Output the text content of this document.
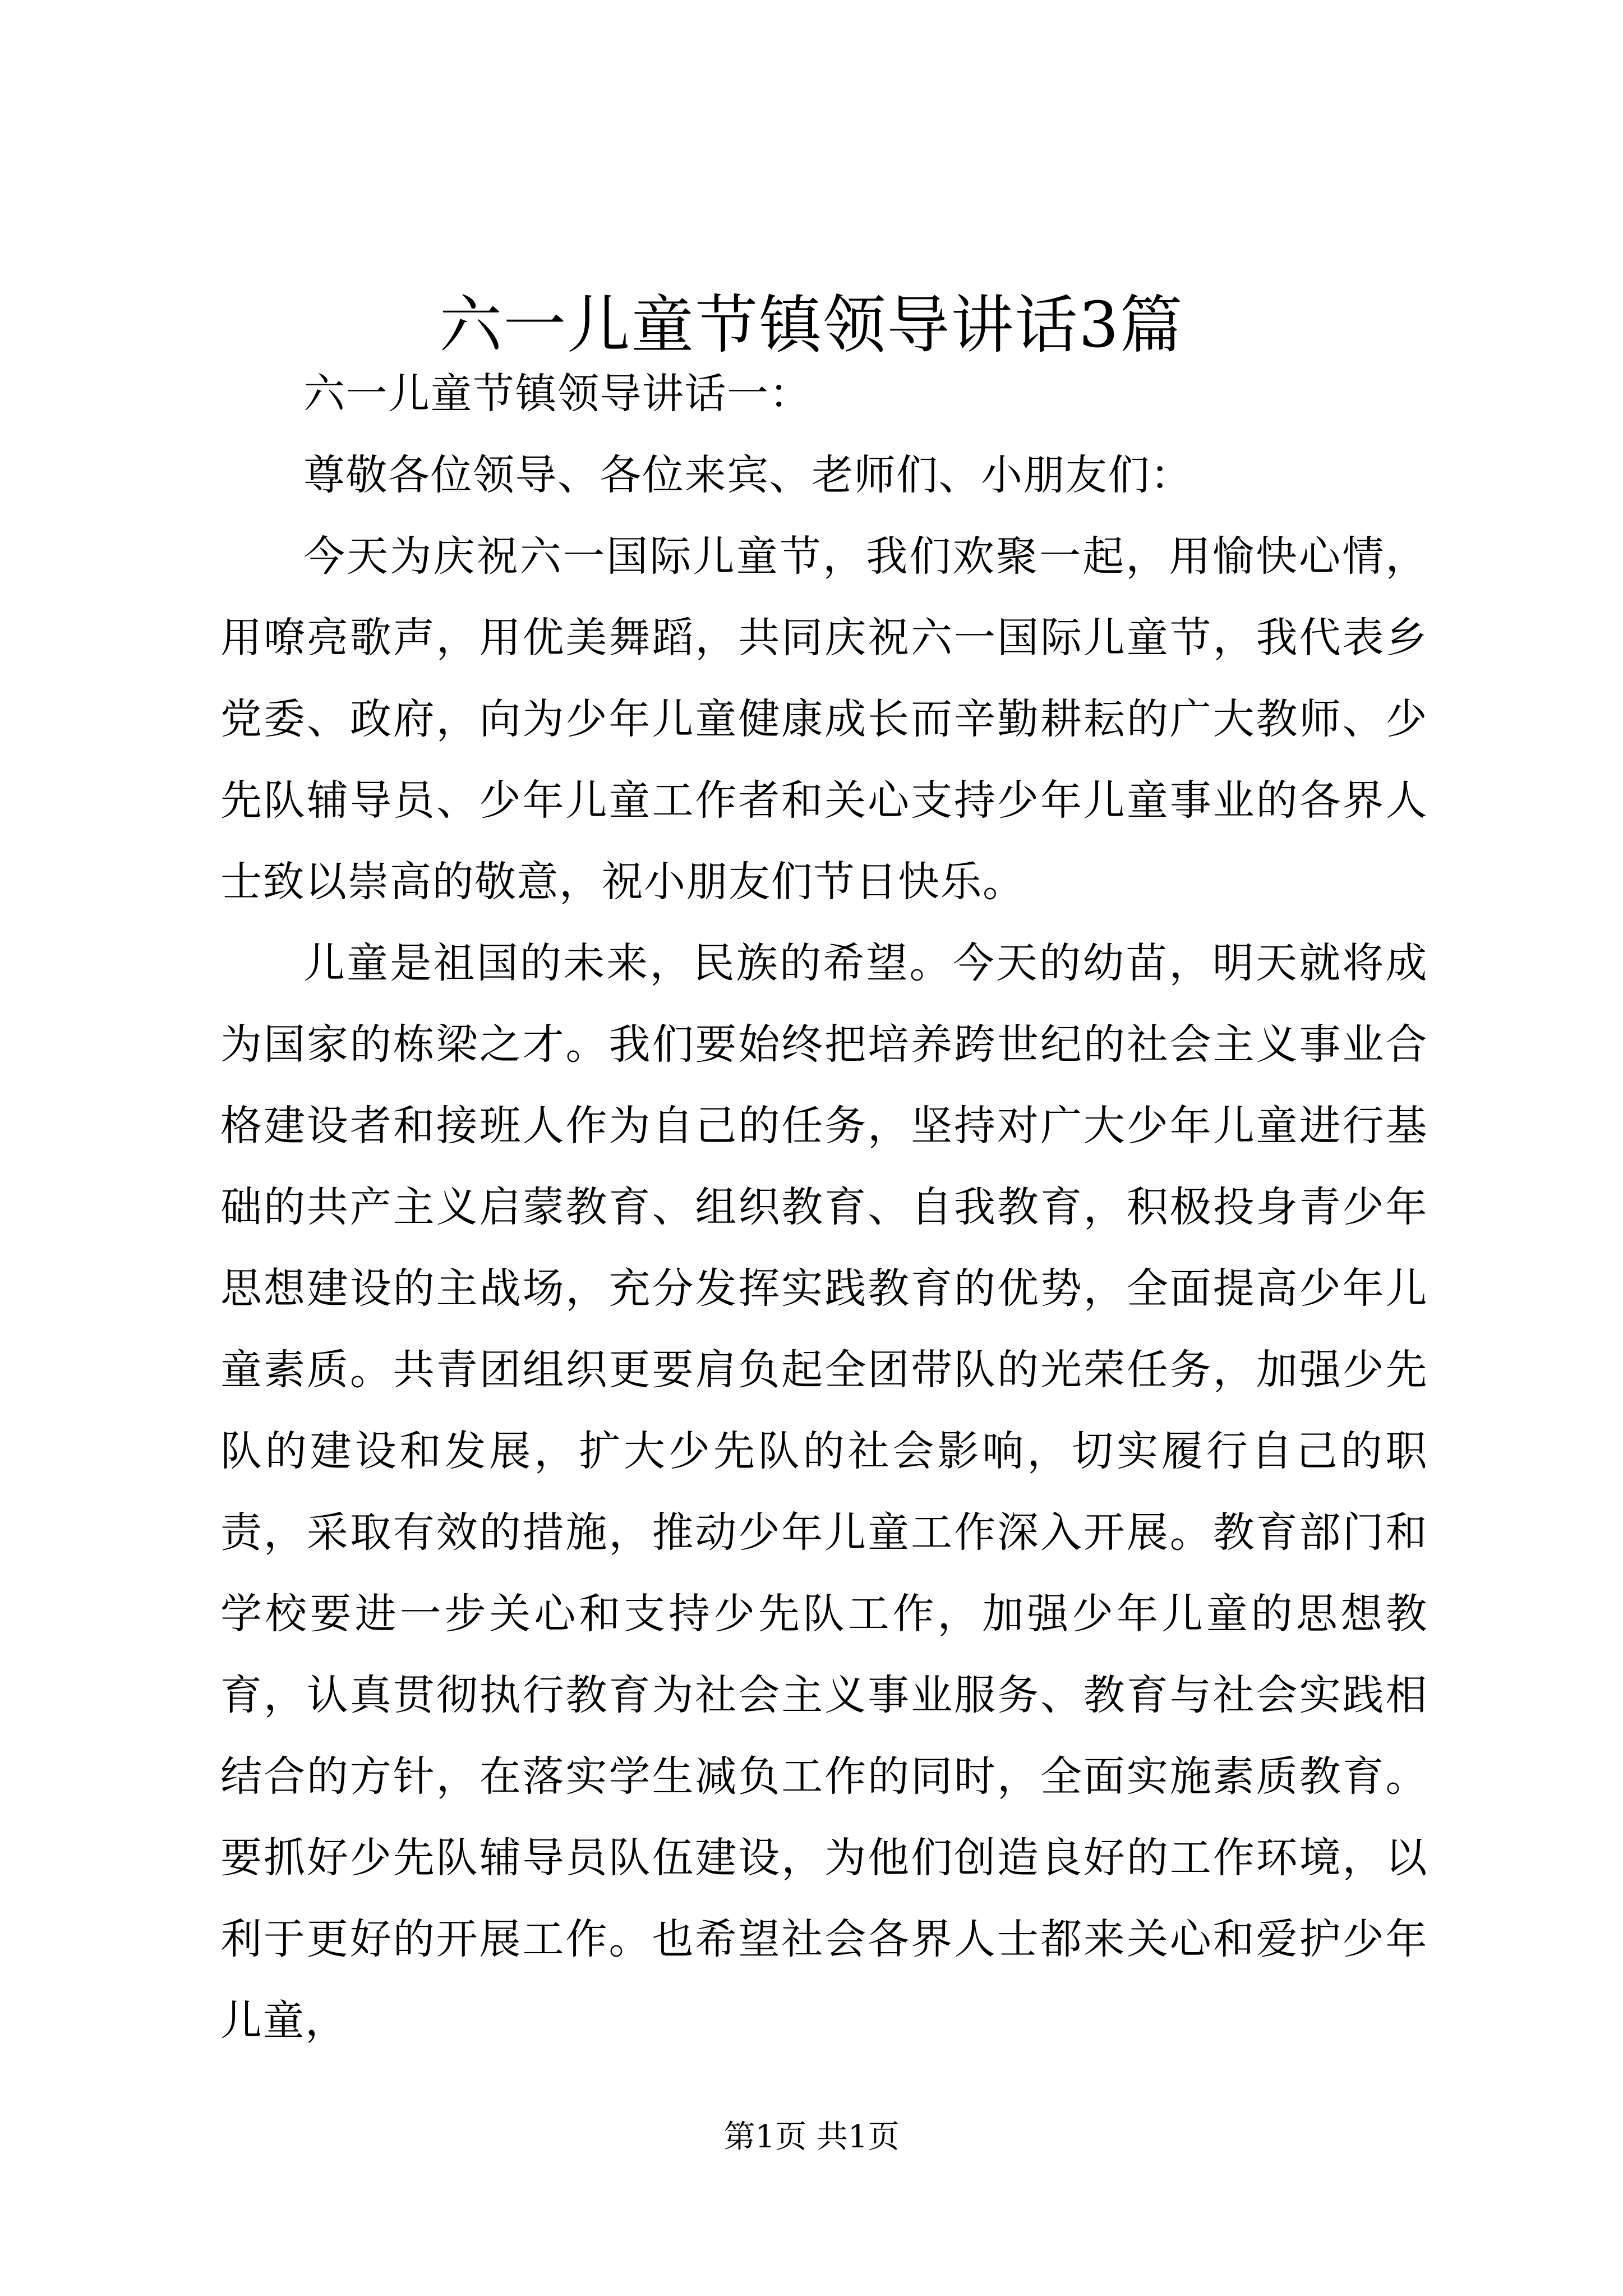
六一儿童节镇领导讲话3篇

六一儿童节镇领导讲话一：

尊敬各位领导、各位来宾、老师们、小朋友们：

今天为庆祝六一国际儿童节，我们欢聚一起，用愉快心情，用嘹亮歌声，用优美舞蹈，共同庆祝六一国际儿童节，我代表乡党委、政府，向为少年儿童健康成长而辛勤耕耘的广大教师、少先队辅导员、少年儿童工作者和关心支持少年儿童事业的各界人士致以崇高的敬意，祝小朋友们节日快乐。

儿童是祖国的未来，民族的希望。今天的幼苗，明天就将成为国家的栋梁之才。我们要始终把培养跨世纪的社会主义事业合格建设者和接班人作为自己的任务，坚持对广大少年儿童进行基础的共产主义启蒙教育、组织教育、自我教育，积极投身青少年思想建设的主战场，充分发挥实践教育的优势，全面提高少年儿童素质。共青团组织更要肩负起全团带队的光荣任务，加强少先队的建设和发展，扩大少先队的社会影响，切实履行自己的职责，采取有效的措施，推动少年儿童工作深入开展。教育部门和学校要进一步关心和支持少先队工作，加强少年儿童的思想教育，认真贯彻执行教育为社会主义事业服务、教育与社会实践相结合的方针，在落实学生减负工作的同时，全面实施素质教育。要抓好少先队辅导员队伍建设，为他们创造良好的工作环境，以利于更好的开展工作。也希望社会各界人士都来关心和爱护少年儿童，

第1页 共1页
